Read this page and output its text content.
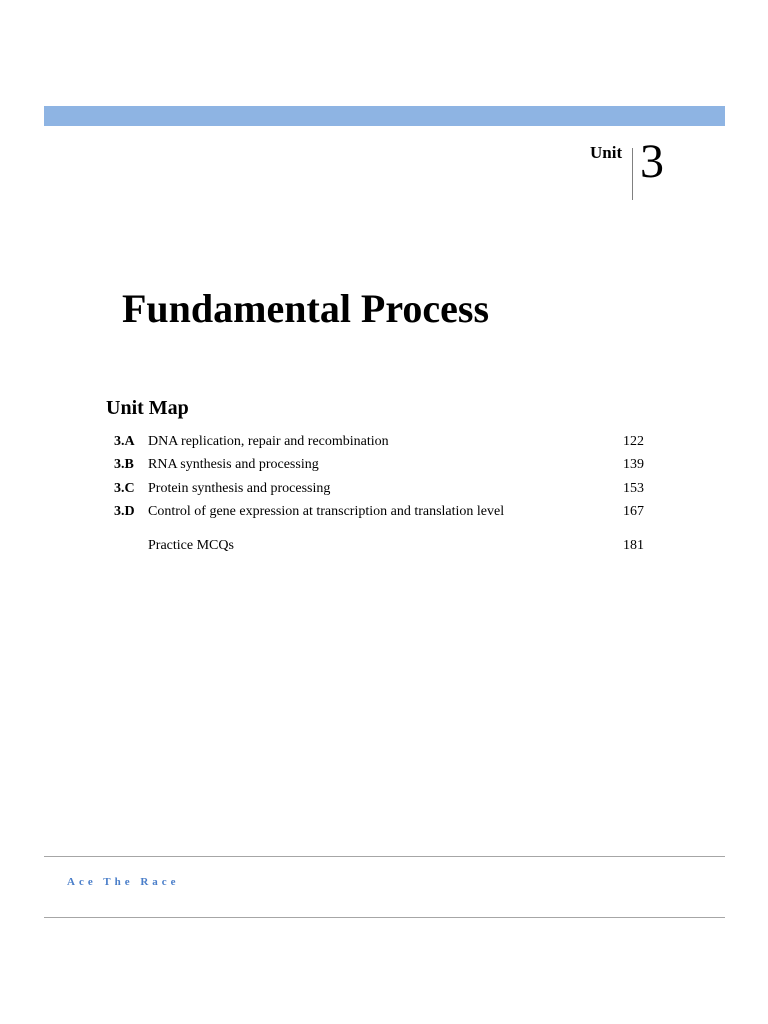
Unit 3
Fundamental Process
Unit Map
3.A DNA replication, repair and recombination	122
3.B RNA synthesis and processing	139
3.C Protein synthesis and processing	153
3.D Control of gene expression at transcription and translation level	167
Practice MCQs	181
Ace The Race
